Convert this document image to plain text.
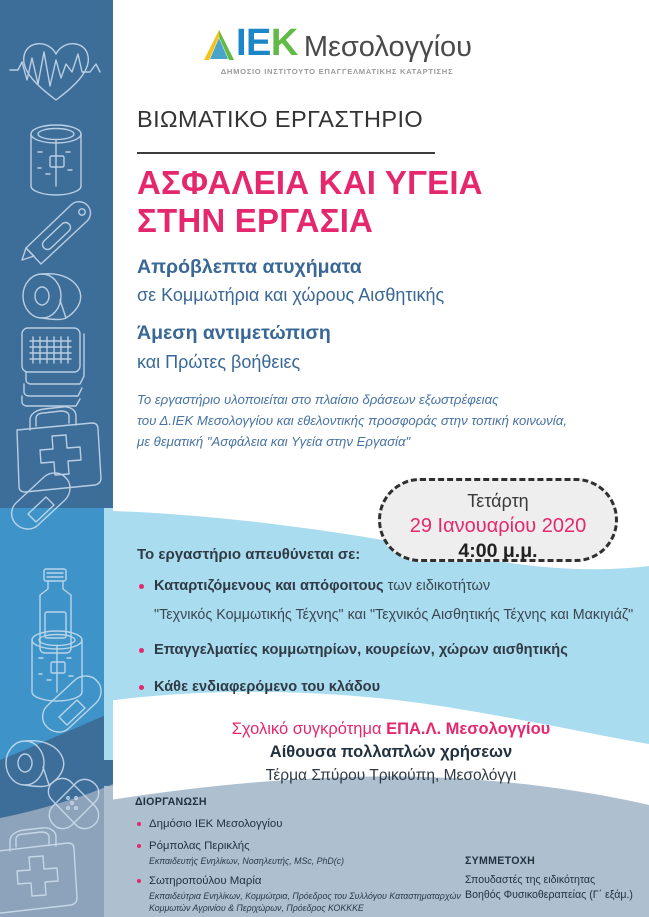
IEK Μεσολογγίου
ΔΗΜΟΣΙΟ ΙΝΣΤΙΤΟΥΤΟ ΕΠΑΓΓΕΛΜΑΤΙΚΗΣ ΚΑΤΑΡΤΙΣΗΣ
ΒΙΩΜΑΤΙΚΟ ΕΡΓΑΣΤΗΡΙΟ
ΑΣΦΑΛΕΙΑ ΚΑΙ ΥΓΕΙΑ
ΣΤΗΝ ΕΡΓΑΣΙΑ
Απρόβλεπτα ατυχήματα
σε Κομμωτήρια και χώρους Αισθητικής
Άμεση αντιμετώπιση
και Πρώτες βοήθειες
Το εργαστήριο υλοποιείται στο πλαίσιο δράσεων εξωστρέφειας
του Δ.ΙΕΚ Μεσολογγίου και εθελοντικής προσφοράς στην τοπική κοινωνία,
με θεματική "Ασφάλεια και Υγεία στην Εργασία"
Τετάρτη
29 Ιανουαρίου 2020
4:00 μ.μ.
Το εργαστήριο απευθύνεται σε:
Καταρτιζόμενους και απόφοιτους των ειδικοτήτων
"Τεχνικός Κομμωτικής Τέχνης" και "Τεχνικός Αισθητικής Τέχνης και Μακιγιάζ"
Επαγγελματίες κομμωτηρίων, κουρείων, χώρων αισθητικής
Κάθε ενδιαφερόμενο του κλάδου
Σχολικό συγκρότημα ΕΠΑ.Λ. Μεσολογγίου
Αίθουσα πολλαπλών χρήσεων
Τέρμα Σπύρου Τρικούπη, Μεσολόγγι
ΔΙΟΡΓΑΝΩΣΗ
Δημόσιο ΙΕΚ Μεσολογγίου
Ρόμπολας Περικλής
Εκπαιδευτής Ενηλίκων, Νοσηλευτής, MSc, PhD(c)
Σωτηροπούλου Μαρία
Εκπαιδεύτρια Ενηλίκων, Κομμώτρια, Πρόεδρος του Συλλόγου Καταστηματαρχών Κομμωτών Αγρινίου & Περιχώρων, Πρόεδρος ΚΟΚΚΚΕ
ΣΥΜΜΕΤΟΧΗ
Σπουδαστές της ειδικότητας
Βοηθός Φυσικοθεραπείας (Γ΄ εξάμ.)
